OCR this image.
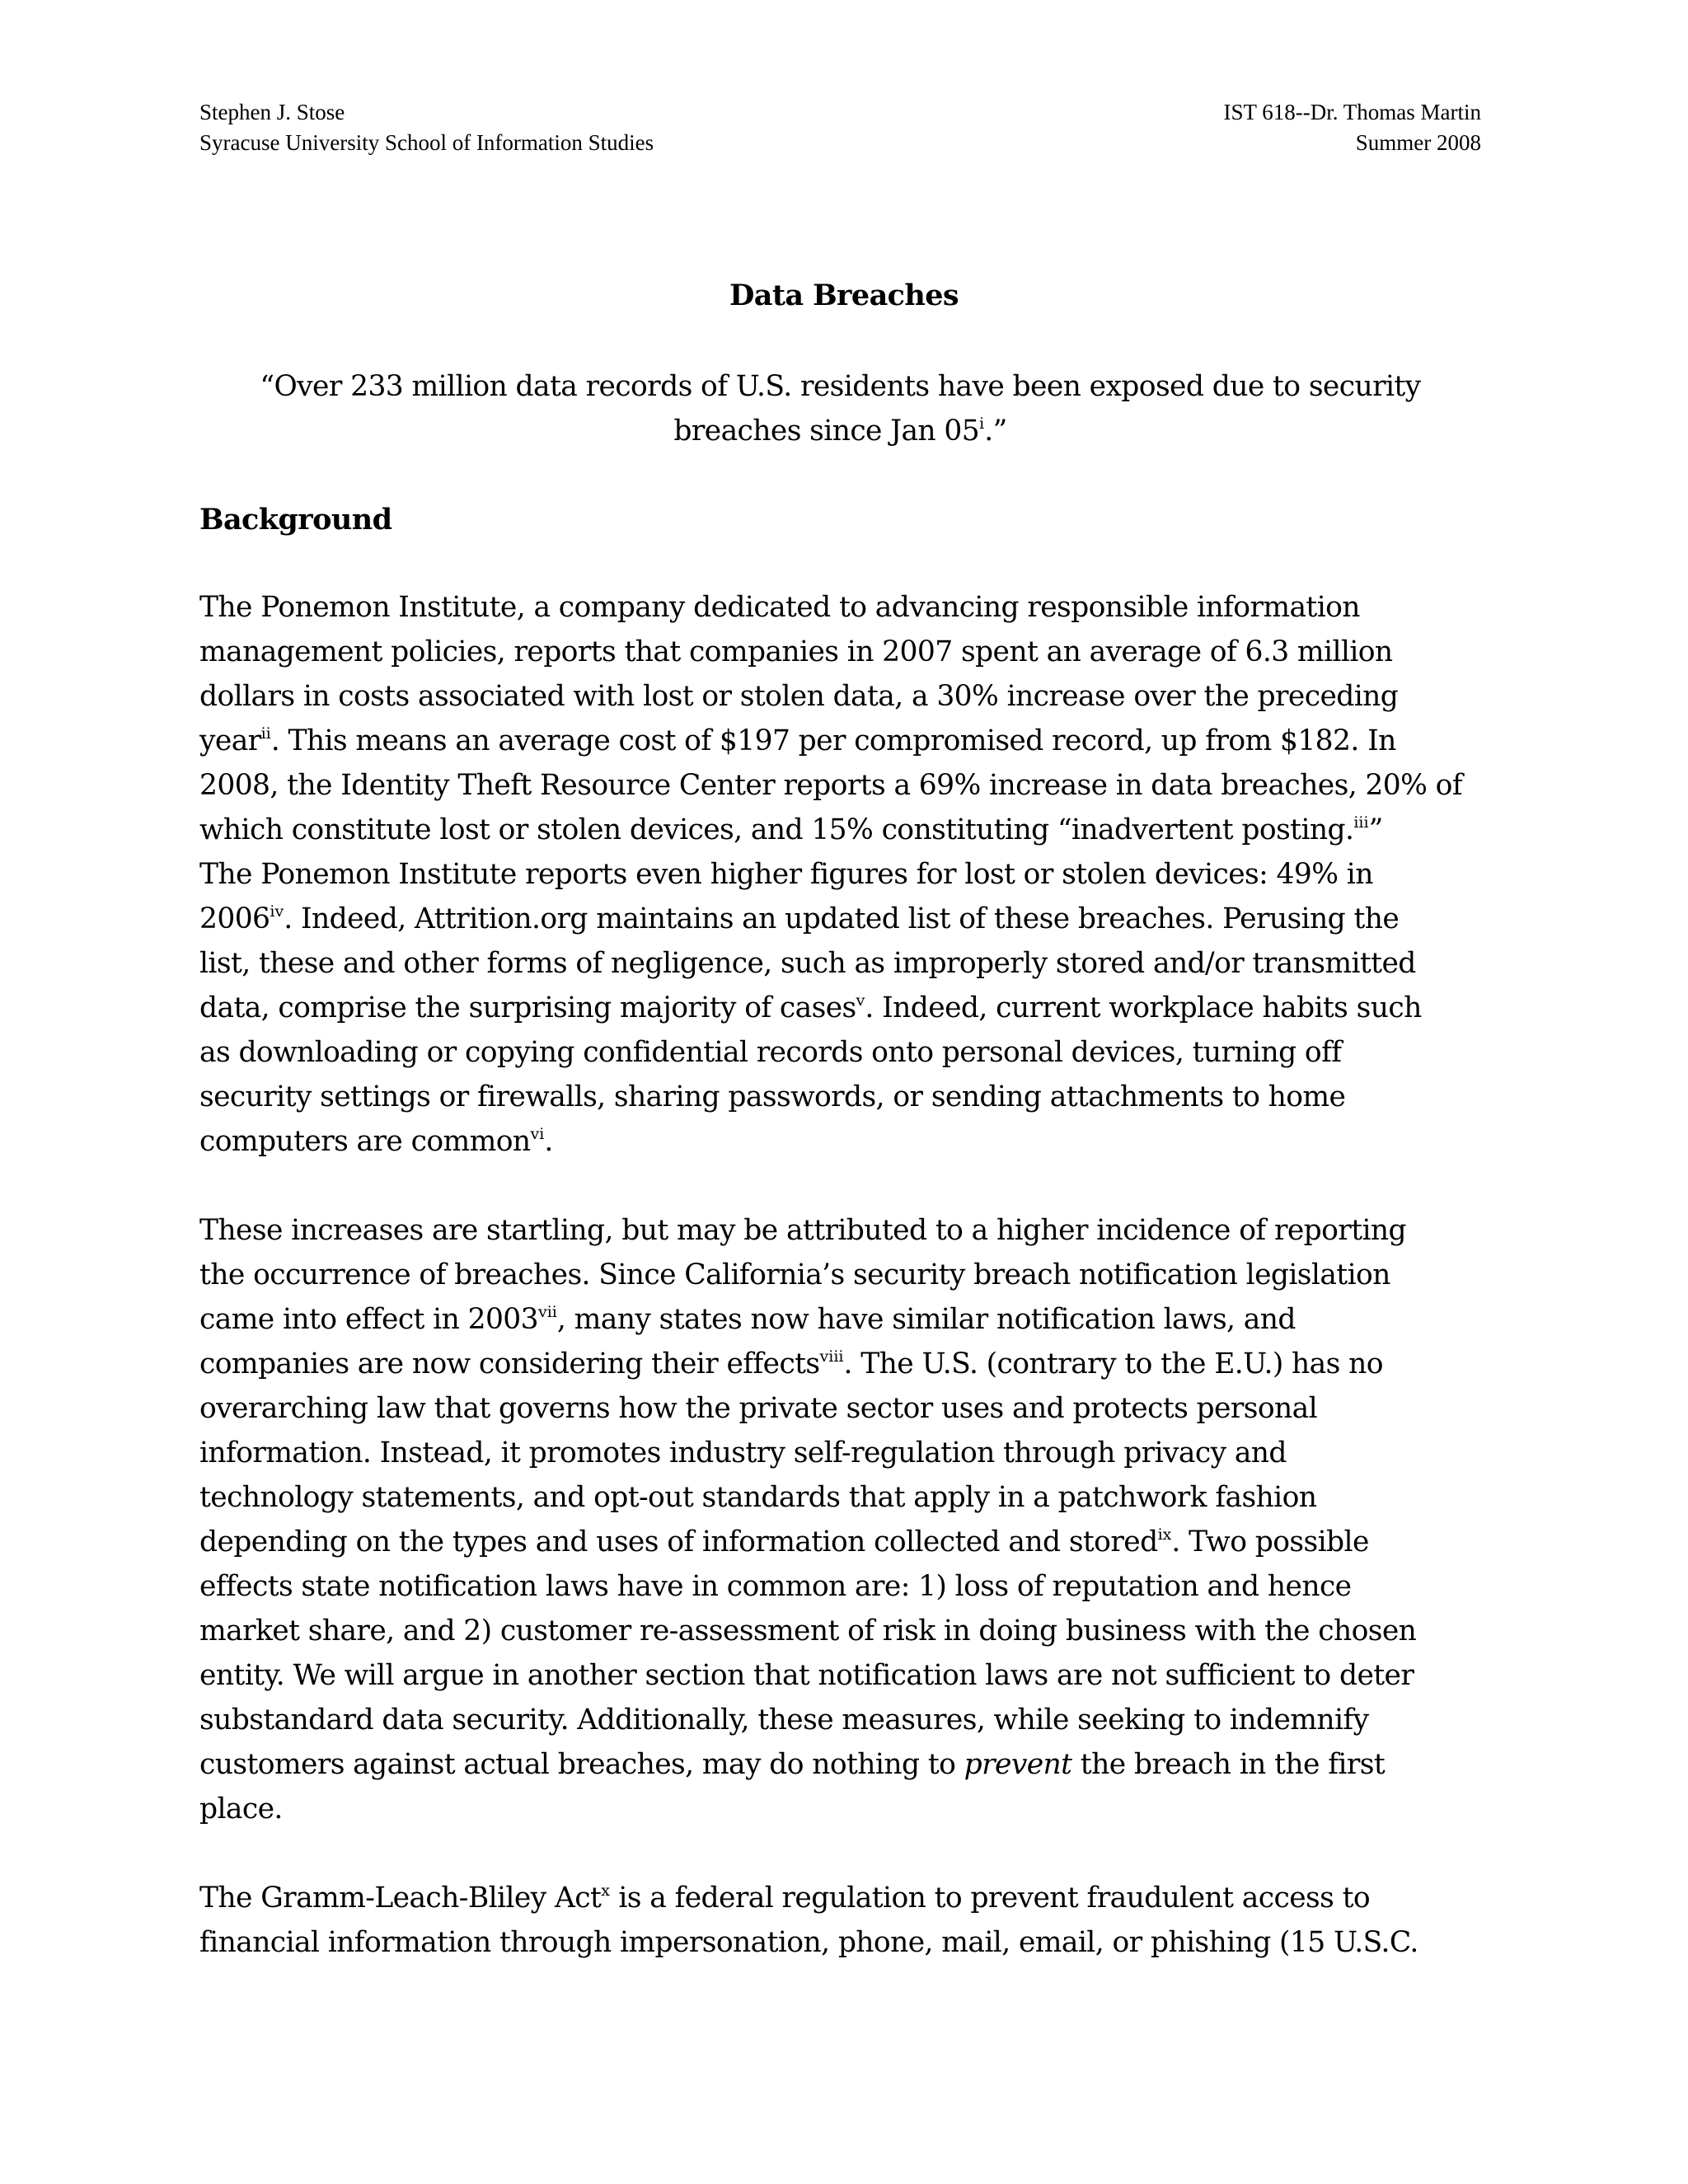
Stephen J. Stose
Syracuse University School of Information Studies
IST 618--Dr. Thomas Martin
Summer 2008
Data Breaches
“Over 233 million data records of U.S. residents have been exposed due to security
breaches since Jan 05$^i$.”
Background
The Ponemon Institute, a company dedicated to advancing responsible information
management policies, reports that companies in 2007 spent an average of 6.3 million
dollars in costs associated with lost or stolen data, a 30% increase over the preceding
year$^{ii}$. This means an average cost of $197 per compromised record, up from $182. In
2008, the Identity Theft Resource Center reports a 69% increase in data breaches, 20% of
which constitute lost or stolen devices, and 15% constituting “inadvertent posting.$^{iii}$”
The Ponemon Institute reports even higher figures for lost or stolen devices: 49% in
2006$^{iv}$. Indeed, Attrition.org maintains an updated list of these breaches. Perusing the
list, these and other forms of negligence, such as improperly stored and/or transmitted
data, comprise the surprising majority of cases$^v$. Indeed, current workplace habits such
as downloading or copying confidential records onto personal devices, turning off
security settings or firewalls, sharing passwords, or sending attachments to home
computers are common$^{vi}$.
These increases are startling, but may be attributed to a higher incidence of reporting
the occurrence of breaches. Since California’s security breach notification legislation
came into effect in 2003$^{vii}$, many states now have similar notification laws, and
companies are now considering their effects$^{viii}$. The U.S. (contrary to the E.U.) has no
overarching law that governs how the private sector uses and protects personal
information. Instead, it promotes industry self-regulation through privacy and
technology statements, and opt-out standards that apply in a patchwork fashion
depending on the types and uses of information collected and stored$^{ix}$. Two possible
effects state notification laws have in common are: 1) loss of reputation and hence
market share, and 2) customer re-assessment of risk in doing business with the chosen
entity. We will argue in another section that notification laws are not sufficient to deter
substandard data security. Additionally, these measures, while seeking to indemnify
customers against actual breaches, may do nothing to prevent the breach in the first
place.
The Gramm-Leach-Bliley Act$^x$ is a federal regulation to prevent fraudulent access to
financial information through impersonation, phone, mail, email, or phishing (15 U.S.C.
